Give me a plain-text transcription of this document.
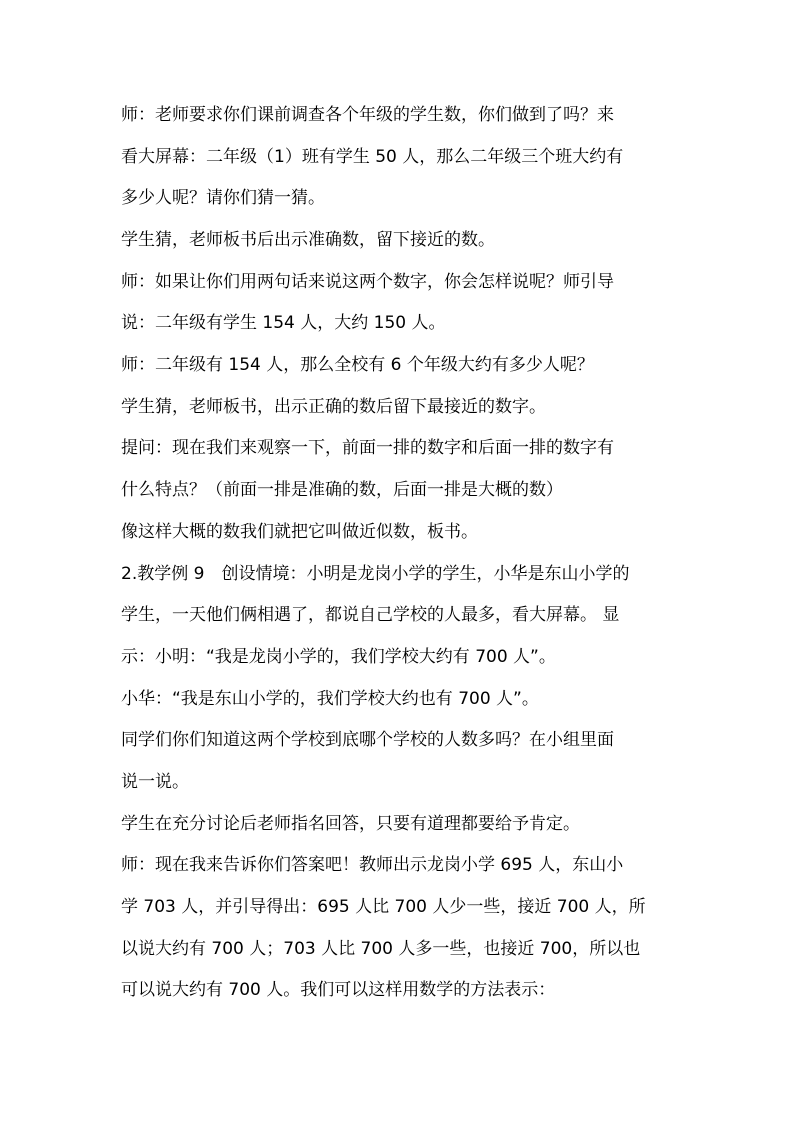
师：老师要求你们课前调查各个年级的学生数，你们做到了吗？来
看大屏幕：二年级（1）班有学生 50 人，那么二年级三个班大约有
多少人呢？请你们猜一猜。
学生猜，老师板书后出示准确数，留下接近的数。
师：如果让你们用两句话来说这两个数字，你会怎样说呢？师引导
说：二年级有学生 154 人，大约 150 人。
师：二年级有 154 人，那么全校有 6 个年级大约有多少人呢？
学生猜，老师板书，出示正确的数后留下最接近的数字。
提问：现在我们来观察一下，前面一排的数字和后面一排的数字有
什么特点？（前面一排是准确的数，后面一排是大概的数）
像这样大概的数我们就把它叫做近似数，板书。
2.教学例 9　创设情境：小明是龙岗小学的学生，小华是东山小学的
学生，一天他们俩相遇了，都说自己学校的人最多，看大屏幕。 显
示：小明：“我是龙岗小学的，我们学校大约有 700 人”。
小华：“我是东山小学的，我们学校大约也有 700 人”。
同学们你们知道这两个学校到底哪个学校的人数多吗？在小组里面
说一说。
学生在充分讨论后老师指名回答，只要有道理都要给予肯定。
师：现在我来告诉你们答案吧！教师出示龙岗小学 695 人，东山小
学 703 人，并引导得出：695 人比 700 人少一些，接近 700 人，所
以说大约有 700 人；703 人比 700 人多一些，也接近 700，所以也
可以说大约有 700 人。我们可以这样用数学的方法表示：
